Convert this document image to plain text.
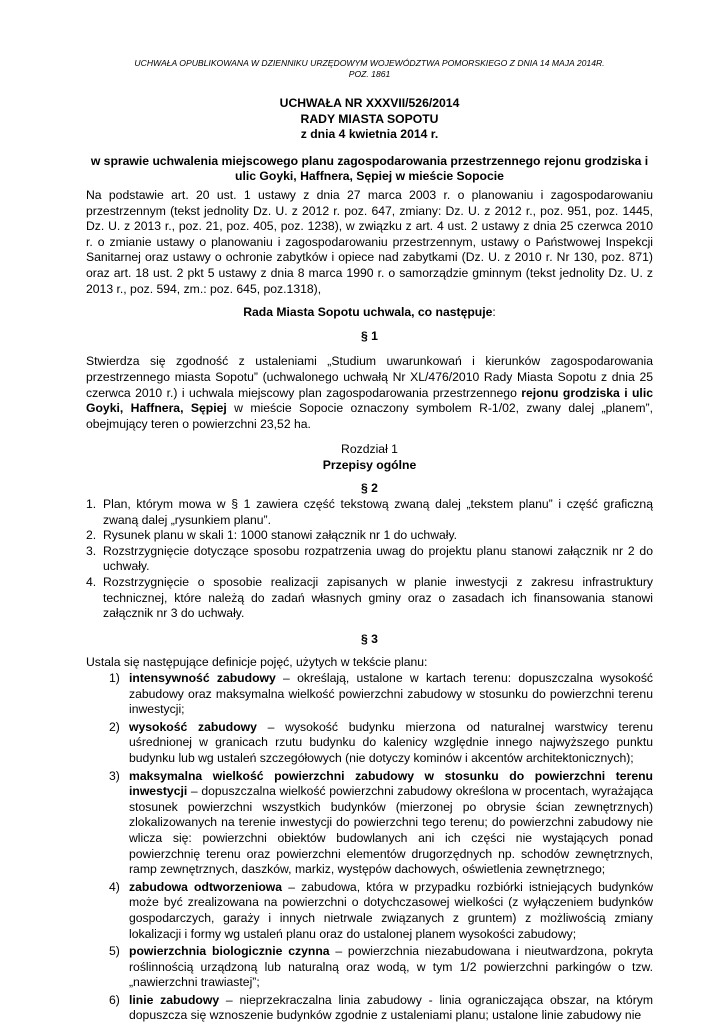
UCHWAŁA OPUBLIKOWANA W DZIENNIKU URZĘDOWYM WOJEWÓDZTWA POMORSKIEGO Z DNIA 14 MAJA 2014R.
POZ. 1861
UCHWAŁA NR XXXVII/526/2014
RADY MIASTA SOPOTU
z dnia 4 kwietnia 2014 r.
w sprawie uchwalenia miejscowego planu zagospodarowania przestrzennego rejonu grodziska i ulic Goyki, Haffnera, Sępiej w mieście Sopocie

Na podstawie art. 20 ust. 1 ustawy z dnia 27 marca 2003 r. o planowaniu i zagospodarowaniu przestrzennym (tekst jednolity Dz. U. z 2012 r. poz. 647, zmiany: Dz. U. z 2012 r., poz. 951, poz. 1445, Dz. U. z 2013 r., poz. 21, poz. 405, poz. 1238), w związku z art. 4 ust. 2 ustawy z dnia 25 czerwca 2010 r. o zmianie ustawy o planowaniu i zagospodarowaniu przestrzennym, ustawy o Państwowej Inspekcji Sanitarnej oraz ustawy o ochronie zabytków i opiece nad zabytkami (Dz. U. z 2010 r. Nr 130, poz. 871) oraz art. 18 ust. 2 pkt 5 ustawy z dnia 8 marca 1990 r. o samorządzie gminnym (tekst jednolity Dz. U. z 2013 r., poz. 594, zm.: poz. 645, poz.1318),

Rada Miasta Sopotu uchwala, co następuje:

§ 1

Stwierdza się zgodność z ustaleniami „Studium uwarunkowań i kierunków zagospodarowania przestrzennego miasta Sopotu” (uchwalonego uchwałą Nr XL/476/2010 Rady Miasta Sopotu z dnia 25 czerwca 2010 r.) i uchwala miejscowy plan zagospodarowania przestrzennego rejonu grodziska i ulic Goyki, Haffnera, Sępiej w mieście Sopocie oznaczony symbolem R-1/02, zwany dalej „planem”, obejmujący teren o powierzchni 23,52 ha.

Rozdział 1

Przepisy ogólne

§ 2

1. Plan, którym mowa w § 1 zawiera część tekstową zwaną dalej „tekstem planu” i część graficzną zwaną dalej „rysunkiem planu”.
2. Rysunek planu w skali 1: 1000 stanowi załącznik nr 1 do uchwały.
3. Rozstrzygnięcie dotyczące sposobu rozpatrzenia uwag do projektu planu stanowi załącznik nr 2 do uchwały.
4. Rozstrzygnięcie o sposobie realizacji zapisanych w planie inwestycji z zakresu infrastruktury technicznej, które należą do zadań własnych gminy oraz o zasadach ich finansowania stanowi załącznik nr 3 do uchwały.

§ 3

Ustala się następujące definicje pojęć, użytych w tekście planu:

1) intensywność zabudowy – określają, ustalone w kartach terenu: dopuszczalna wysokość zabudowy oraz maksymalna wielkość powierzchni zabudowy w stosunku do powierzchni terenu inwestycji;
2) wysokość zabudowy – wysokość budynku mierzona od naturalnej warstwicy terenu uśrednionej w granicach rzutu budynku do kalenicy względnie innego najwyższego punktu budynku lub wg ustaleń szczegółowych (nie dotyczy kominów i akcentów architektonicznych);
3) maksymalna wielkość powierzchni zabudowy w stosunku do powierzchni terenu inwestycji – dopuszczalna wielkość powierzchni zabudowy określona w procentach, wyrażająca stosunek powierzchni wszystkich budynków (mierzonej po obrysie ścian zewnętrznych) zlokalizowanych na terenie inwestycji do powierzchni tego terenu; do powierzchni zabudowy nie wlicza się: powierzchni obiektów budowlanych ani ich części nie wystających ponad powierzchnię terenu oraz powierzchni elementów drugorzędnych np. schodów zewnętrznych, ramp zewnętrznych, daszków, markiz, występów dachowych, oświetlenia zewnętrznego;
4) zabudowa odtworzeniowa – zabudowa, która w przypadku rozbiórki istniejących budynków może być zrealizowana na powierzchni o dotychczasowej wielkości (z wyłączeniem budynków gospodarczych, garaży i innych nietrwale związanych z gruntem) z możliwością zmiany lokalizacji i formy wg ustaleń planu oraz do ustalonej planem wysokości zabudowy;
5) powierzchnia biologicznie czynna – powierzchnia niezabudowana i nieutwardzona, pokryta roślinnością urządzoną lub naturalną oraz wodą, w tym 1/2 powierzchni parkingów o tzw. „nawierzchni trawiastej”;
6) linie zabudowy – nieprzekraczalna linia zabudowy - linia ograniczająca obszar, na którym dopuszcza się wznoszenie budynków zgodnie z ustaleniami planu; ustalone linie zabudowy nie
